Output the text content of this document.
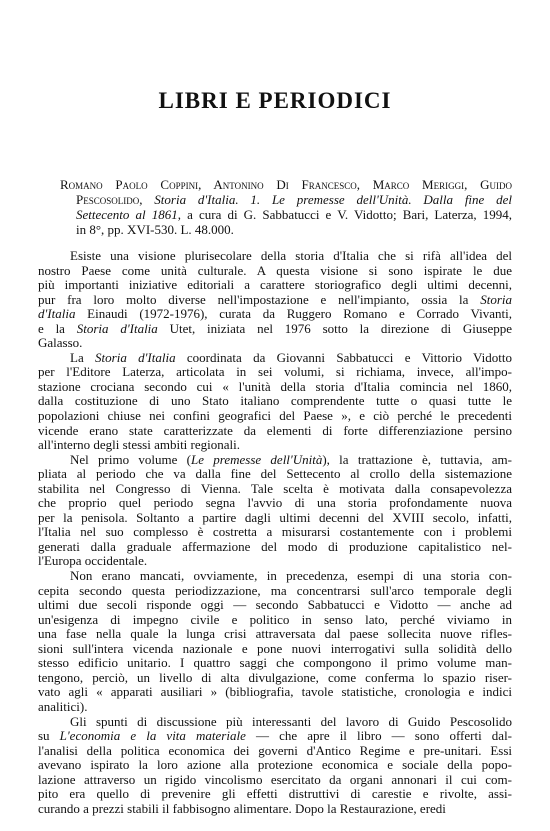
LIBRI E PERIODICI
Romano Paolo Coppini, Antonino Di Francesco, Marco Meriggi, Guido
Pescosolido, Storia d'Italia. 1. Le premesse dell'Unità. Dalla fine del
Settecento al 1861, a cura di G. Sabbatucci e V. Vidotto; Bari, Laterza, 1994,
in 8°, pp. XVI-530. L. 48.000.
Esiste una visione plurisecolare della storia d'Italia che si rifà all'idea del
nostro Paese come unità culturale. A questa visione si sono ispirate le due
più importanti iniziative editoriali a carattere storiografico degli ultimi decenni,
pur fra loro molto diverse nell'impostazione e nell'impianto, ossia la Storia
d'Italia Einaudi (1972-1976), curata da Ruggero Romano e Corrado Vivanti,
e la Storia d'Italia Utet, iniziata nel 1976 sotto la direzione di Giuseppe
Galasso.
La Storia d'Italia coordinata da Giovanni Sabbatucci e Vittorio Vidotto
per l'Editore Laterza, articolata in sei volumi, si richiama, invece, all'impo-
stazione crociana secondo cui « l'unità della storia d'Italia comincia nel 1860,
dalla costituzione di uno Stato italiano comprendente tutte o quasi tutte le
popolazioni chiuse nei confini geografici del Paese », e ciò perché le precedenti
vicende erano state caratterizzate da elementi di forte differenziazione persino
all'interno degli stessi ambiti regionali.
Nel primo volume (Le premesse dell'Unità), la trattazione è, tuttavia, am-
pliata al periodo che va dalla fine del Settecento al crollo della sistemazione
stabilita nel Congresso di Vienna. Tale scelta è motivata dalla consapevolezza
che proprio quel periodo segna l'avvio di una storia profondamente nuova
per la penisola. Soltanto a partire dagli ultimi decenni del XVIII secolo, infatti,
l'Italia nel suo complesso è costretta a misurarsi costantemente con i problemi
generati dalla graduale affermazione del modo di produzione capitalistico nel-
l'Europa occidentale.
Non erano mancati, ovviamente, in precedenza, esempi di una storia con-
cepita secondo questa periodizzazione, ma concentrarsi sull'arco temporale degli
ultimi due secoli risponde oggi — secondo Sabbatucci e Vidotto — anche ad
un'esigenza di impegno civile e politico in senso lato, perché viviamo in
una fase nella quale la lunga crisi attraversata dal paese sollecita nuove rifles-
sioni sull'intera vicenda nazionale e pone nuovi interrogativi sulla solidità dello
stesso edificio unitario. I quattro saggi che compongono il primo volume man-
tengono, perciò, un livello di alta divulgazione, come conferma lo spazio riser-
vato agli « apparati ausiliari » (bibliografia, tavole statistiche, cronologia e indici
analitici).
Gli spunti di discussione più interessanti del lavoro di Guido Pescosolido
su L'economia e la vita materiale — che apre il libro — sono offerti dal-
l'analisi della politica economica dei governi d'Antico Regime e pre-unitari. Essi
avevano ispirato la loro azione alla protezione economica e sociale della popo-
lazione attraverso un rigido vincolismo esercitato da organi annonari il cui com-
pito era quello di prevenire gli effetti distruttivi di carestie e rivolte, assi-
curando a prezzi stabili il fabbisogno alimentare. Dopo la Restaurazione, eredi
